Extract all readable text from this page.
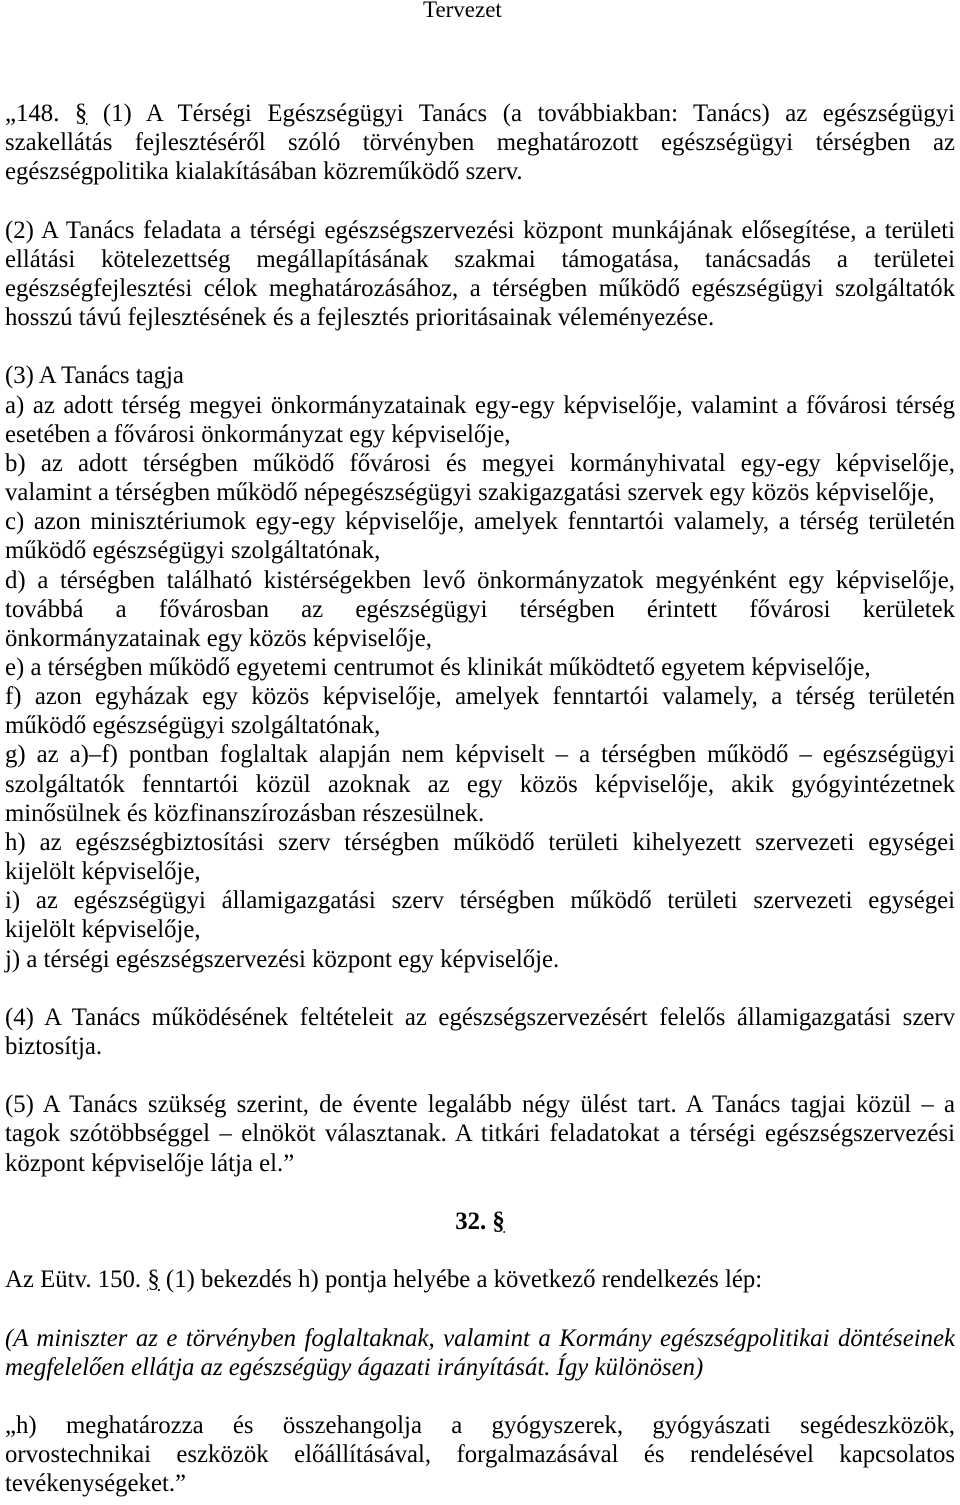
Tervezet
„148. § (1) A Térségi Egészségügyi Tanács (a továbbiakban: Tanács) az egészségügyi
szakellátás fejlesztéséről szóló törvényben meghatározott egészségügyi térségben az
egészségpolitika kialakításában közreműködő szerv.
(2) A Tanács feladata a térségi egészségszervezési központ munkájának elősegítése, a területi
ellátási kötelezettség megállapításának szakmai támogatása, tanácsadás a területei
egészségfejlesztési célok meghatározásához, a térségben működő egészségügyi szolgáltatók
hosszú távú fejlesztésének és a fejlesztés prioritásainak véleményezése.
(3) A Tanács tagja
a) az adott térség megyei önkormányzatainak egy-egy képviselője, valamint a fővárosi térség
esetében a fővárosi önkormányzat egy képviselője,
b) az adott térségben működő fővárosi és megyei kormányhivatal egy-egy képviselője,
valamint a térségben működő népegészségügyi szakigazgatási szervek egy közös képviselője,
c) azon minisztériumok egy-egy képviselője, amelyek fenntartói valamely, a térség területén
működő egészségügyi szolgáltatónak,
d) a térségben található kistérségekben levő önkormányzatok megyénként egy képviselője,
továbbá a fővárosban az egészségügyi térségben érintett fővárosi kerületek
önkormányzatainak egy közös képviselője,
e) a térségben működő egyetemi centrumot és klinikát működtető egyetem képviselője,
f) azon egyházak egy közös képviselője, amelyek fenntartói valamely, a térség területén
működő egészségügyi szolgáltatónak,
g) az a)–f) pontban foglaltak alapján nem képviselt – a térségben működő – egészségügyi
szolgáltatók fenntartói közül azoknak az egy közös képviselője, akik gyógyintézetnek
minősülnek és közfinanszírozásban részesülnek.
h) az egészségbiztosítási szerv térségben működő területi kihelyezett szervezeti egységei
kijelölt képviselője,
i) az egészségügyi államigazgatási szerv térségben működő területi szervezeti egységei
kijelölt képviselője,
j) a térségi egészségszervezési központ egy képviselője.
(4) A Tanács működésének feltételeit az egészségszervezésért felelős államigazgatási szerv
biztosítja.
(5) A Tanács szükség szerint, de évente legalább négy ülést tart. A Tanács tagjai közül – a
tagok szótöbbséggel – elnököt választanak. A titkári feladatokat a térségi egészségszervezési
központ képviselője látja el.”
32. §
Az Eütv. 150. § (1) bekezdés h) pontja helyébe a következő rendelkezés lép:
(A miniszter az e törvényben foglaltaknak, valamint a Kormány egészségpolitikai döntéseinek
megfelelően ellátja az egészségügy ágazati irányítását. Így különösen)
„h) meghatározza és összehangolja a gyógyszerek, gyógyászati segédeszközök,
orvostechnikai eszközök előállításával, forgalmazásával és rendelésével kapcsolatos
tevékenységeket.”
